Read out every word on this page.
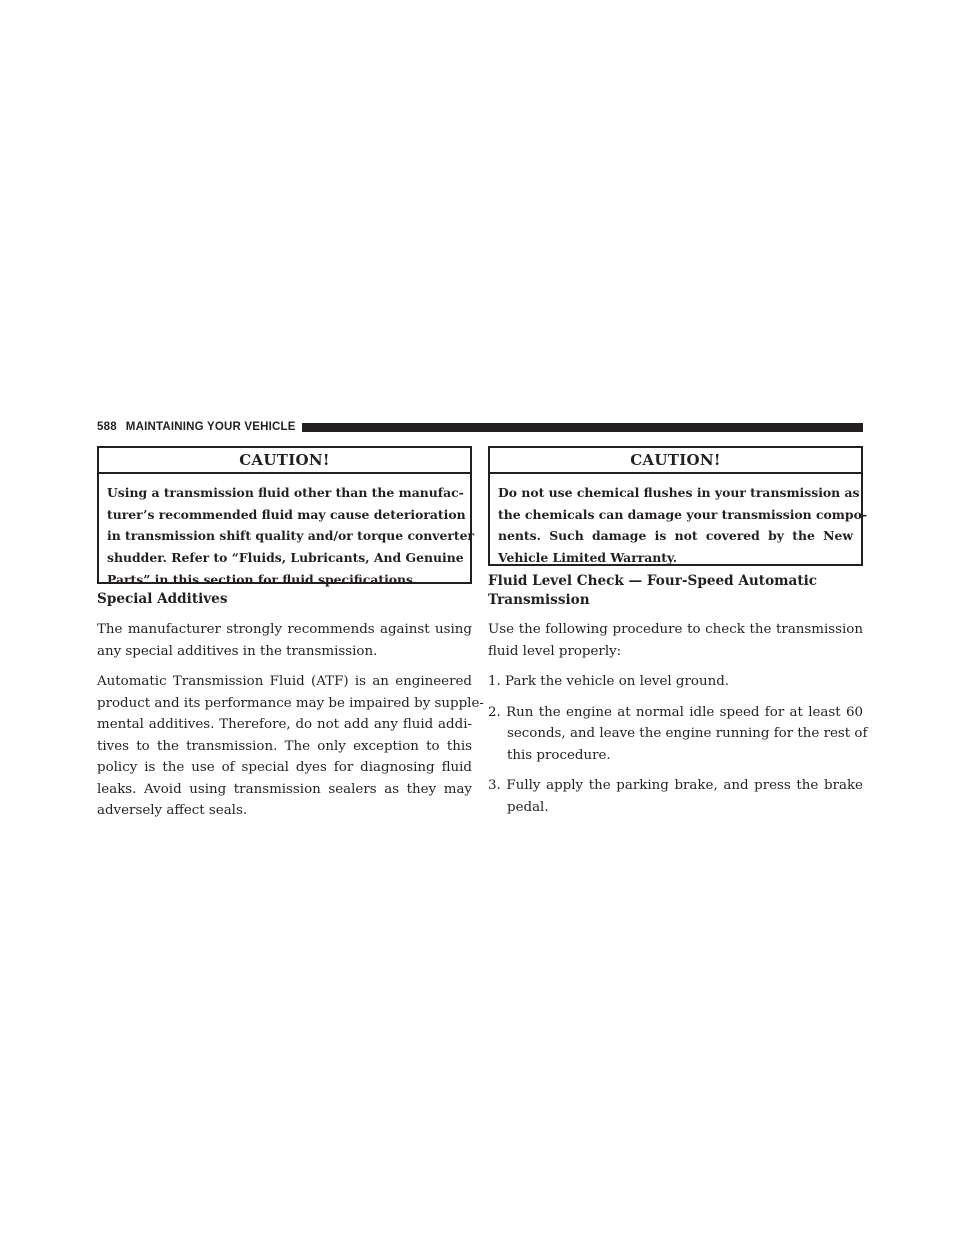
588 MAINTAINING YOUR VEHICLE
CAUTION!
Using a transmission fluid other than the manufac-
turer’s recommended fluid may cause deterioration
in transmission shift quality and/or torque converter
shudder. Refer to “Fluids, Lubricants, And Genuine
Parts” in this section for fluid specifications.

Special Additives

The manufacturer strongly recommends against using
any special additives in the transmission.

Automatic Transmission Fluid (ATF) is an engineered
product and its performance may be impaired by supple-
mental additives. Therefore, do not add any fluid addi-
tives to the transmission. The only exception to this
policy is the use of special dyes for diagnosing fluid
leaks. Avoid using transmission sealers as they may
adversely affect seals.

CAUTION!
Do not use chemical flushes in your transmission as
the chemicals can damage your transmission compo-
nents. Such damage is not covered by the New
Vehicle Limited Warranty.

Fluid Level Check — Four-Speed Automatic
Transmission

Use the following procedure to check the transmission
fluid level properly:

1. Park the vehicle on level ground.

2. Run the engine at normal idle speed for at least 60
seconds, and leave the engine running for the rest of
this procedure.

3. Fully apply the parking brake, and press the brake
pedal.
